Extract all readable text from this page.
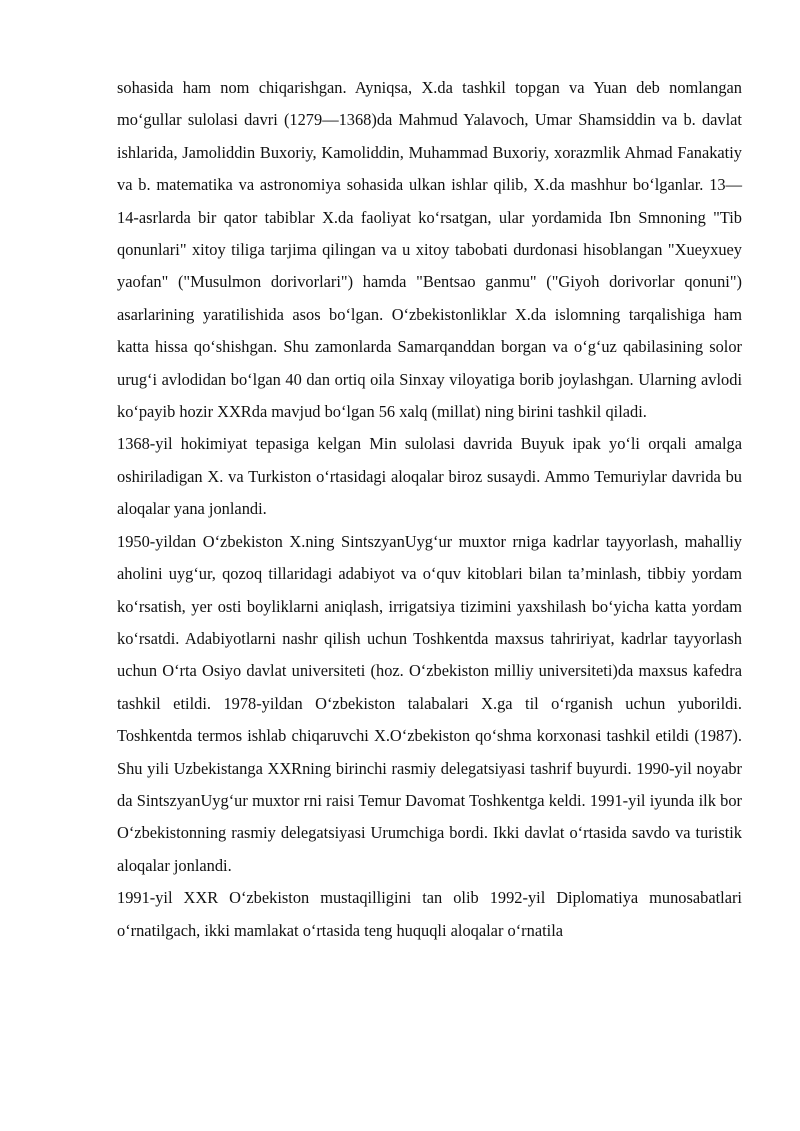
sohasida ham nom chiqarishgan. Ayniqsa, X.da tashkil topgan va Yuan deb nomlangan mo‘gullar sulolasi davri (1279—1368)da Mahmud Yalavoch, Umar Shamsiddin va b. davlat ishlarida, Jamoliddin Buxoriy, Kamoliddin, Muhammad Buxoriy, xorazmlik Ahmad Fanakatiy va b. matematika va astronomiya sohasida ulkan ishlar qilib, X.da mashhur bo‘lganlar. 13—14-asrlarda bir qator tabiblar X.da faoliyat ko‘rsatgan, ular yordamida Ibn Smnoning "Tib qonunlari" xitoy tiliga tarjima qilingan va u xitoy tabobati durdonasi hisoblangan "Xueyxuey yaofan" ("Musulmon dorivorlari") hamda "Bentsao ganmu" ("Giyoh dorivorlar qonuni") asarlarining yaratilishida asos bo‘lgan. O‘zbekistonliklar X.da islomning tarqalishiga ham katta hissa qo‘shishgan. Shu zamonlarda Samarqanddan borgan va o‘g‘uz qabilasining solor urug‘i avlodidan bo‘lgan 40 dan ortiq oila Sinxay viloyatiga borib joylashgan. Ularning avlodi ko‘payib hozir XXRda mavjud bo‘lgan 56 xalq (millat) ning birini tashkil qiladi.

1368-yil hokimiyat tepasiga kelgan Min sulolasi davrida Buyuk ipak yo‘li orqali amalga oshiriladigan X. va Turkiston o‘rtasidagi aloqalar biroz susaydi. Ammo Temuriylar davrida bu aloqalar yana jonlandi.

1950-yildan O‘zbekiston X.ning SintszyanUyg‘ur muxtor rniga kadrlar tayyorlash, mahalliy aholini uyg‘ur, qozoq tillaridagi adabiyot va o‘quv kitoblari bilan ta’minlash, tibbiy yordam ko‘rsatish, yer osti boyliklarni aniqlash, irrigatsiya tizimini yaxshilash bo‘yicha katta yordam ko‘rsatdi. Adabiyotlarni nashr qilish uchun Toshkentda maxsus tahririyat, kadrlar tayyorlash uchun O‘rta Osiyo davlat universiteti (hoz. O‘zbekiston milliy universiteti)da maxsus kafedra tashkil etildi. 1978-yildan O‘zbekiston talabalari X.ga til o‘rganish uchun yuborildi. Toshkentda termos ishlab chiqaruvchi X.O‘zbekiston qo‘shma korxonasi tashkil etildi (1987). Shu yili Uzbekistanga XXRning birinchi rasmiy delegatsiyasi tashrif buyurdi. 1990-yil noyabr da SintszyanUyg‘ur muxtor rni raisi Temur Davomat Toshkentga keldi. 1991-yil iyunda ilk bor O‘zbekistonning rasmiy delegatsiyasi Urumchiga bordi. Ikki davlat o‘rtasida savdo va turistik aloqalar jonlandi.

1991-yil XXR O‘zbekiston mustaqilligini tan olib 1992-yil Diplomatiya munosabatlari o‘rnatilgach, ikki mamlakat o‘rtasida teng huquqli aloqalar o‘rnatila
